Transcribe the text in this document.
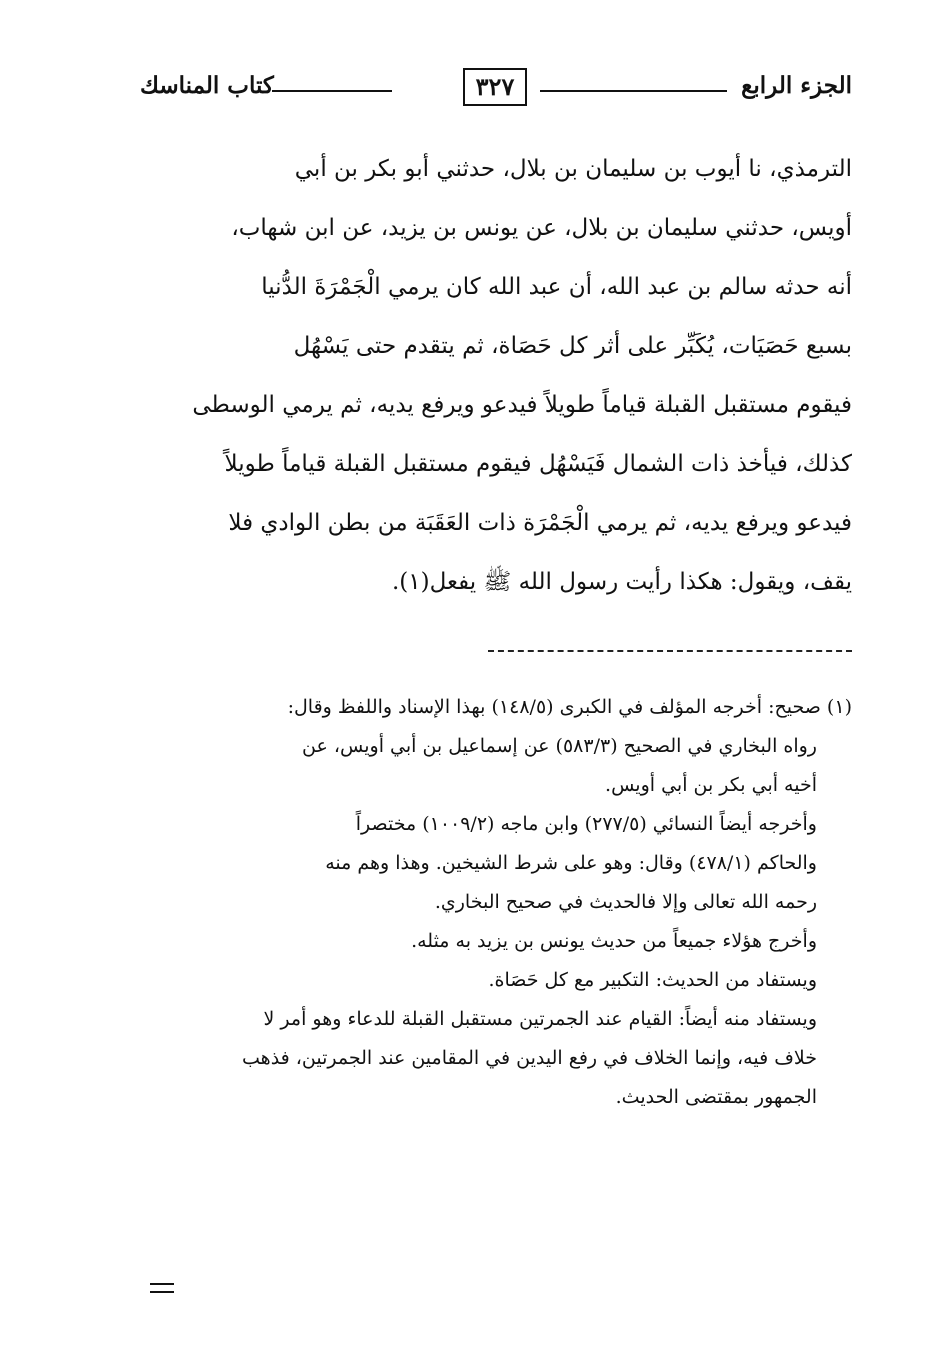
الجزء الرابع
٣٢٧
كتاب المناسك
الترمذي، نا أيوب بن سليمان بن بلال، حدثني أبو بكر بن أبي
أويس، حدثني سليمان بن بلال، عن يونس بن يزيد، عن ابن شهاب،
أنه حدثه سالم بن عبد الله، أن عبد الله كان يرمي الْجَمْرَةَ الدُّنيا
بسبع حَصَيَات، يُكَبِّر على أثر كل حَصَاة، ثم يتقدم حتى يَسْهُل
فيقوم مستقبل القبلة قياماً طويلاً فيدعو ويرفع يديه، ثم يرمي الوسطى
كذلك، فيأخذ ذات الشمال فَيَسْهُل فيقوم مستقبل القبلة قياماً طويلاً
فيدعو ويرفع يديه، ثم يرمي الْجَمْرَة ذات العَقَبَة من بطن الوادي فلا
يقف، ويقول: هكذا رأيت رسول الله ﷺ يفعل(١).
(١) صحيح: أخرجه المؤلف في الكبرى (١٤٨/٥) بهذا الإسناد واللفظ وقال:
رواه البخاري في الصحيح (٥٨٣/٣) عن إسماعيل بن أبي أويس، عن
أخيه أبي بكر بن أبي أويس.
وأخرجه أيضاً النسائي (٢٧٧/٥) وابن ماجه (١٠٠٩/٢) مختصراً
والحاكم (٤٧٨/١) وقال: وهو على شرط الشيخين. وهذا وهم منه
رحمه الله تعالى وإلا فالحديث في صحيح البخاري.
وأخرج هؤلاء جميعاً من حديث يونس بن يزيد به مثله.
ويستفاد من الحديث: التكبير مع كل حَصَاة.
ويستفاد منه أيضاً: القيام عند الجمرتين مستقبل القبلة للدعاء وهو أمر لا
خلاف فيه، وإنما الخلاف في رفع اليدين في المقامين عند الجمرتين، فذهب
الجمهور بمقتضى الحديث.
